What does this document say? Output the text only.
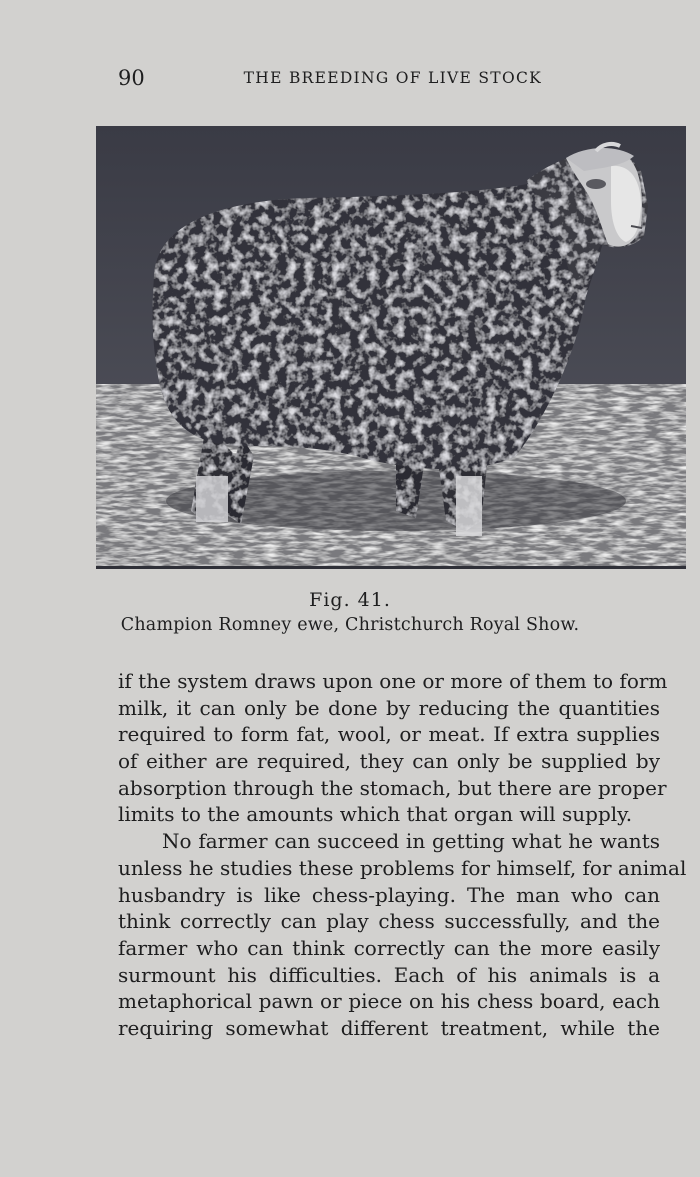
90	THE BREEDING OF LIVE STOCK
Fig. 41.
Champion Romney ewe, Christchurch Royal Show.
if the system draws upon one or more of them to form
milk, it can only be done by reducing the quantities
required to form fat, wool, or meat. If extra supplies
of either are required, they can only be supplied by
absorption through the stomach, but there are proper
limits to the amounts which that organ will supply.
No farmer can succeed in getting what he wants
unless he studies these problems for himself, for animal
husbandry is like chess-playing. The man who can
think correctly can play chess successfully, and the
farmer who can think correctly can the more easily
surmount his difficulties. Each of his animals is a
metaphorical pawn or piece on his chess board, each
requiring somewhat different treatment, while the
